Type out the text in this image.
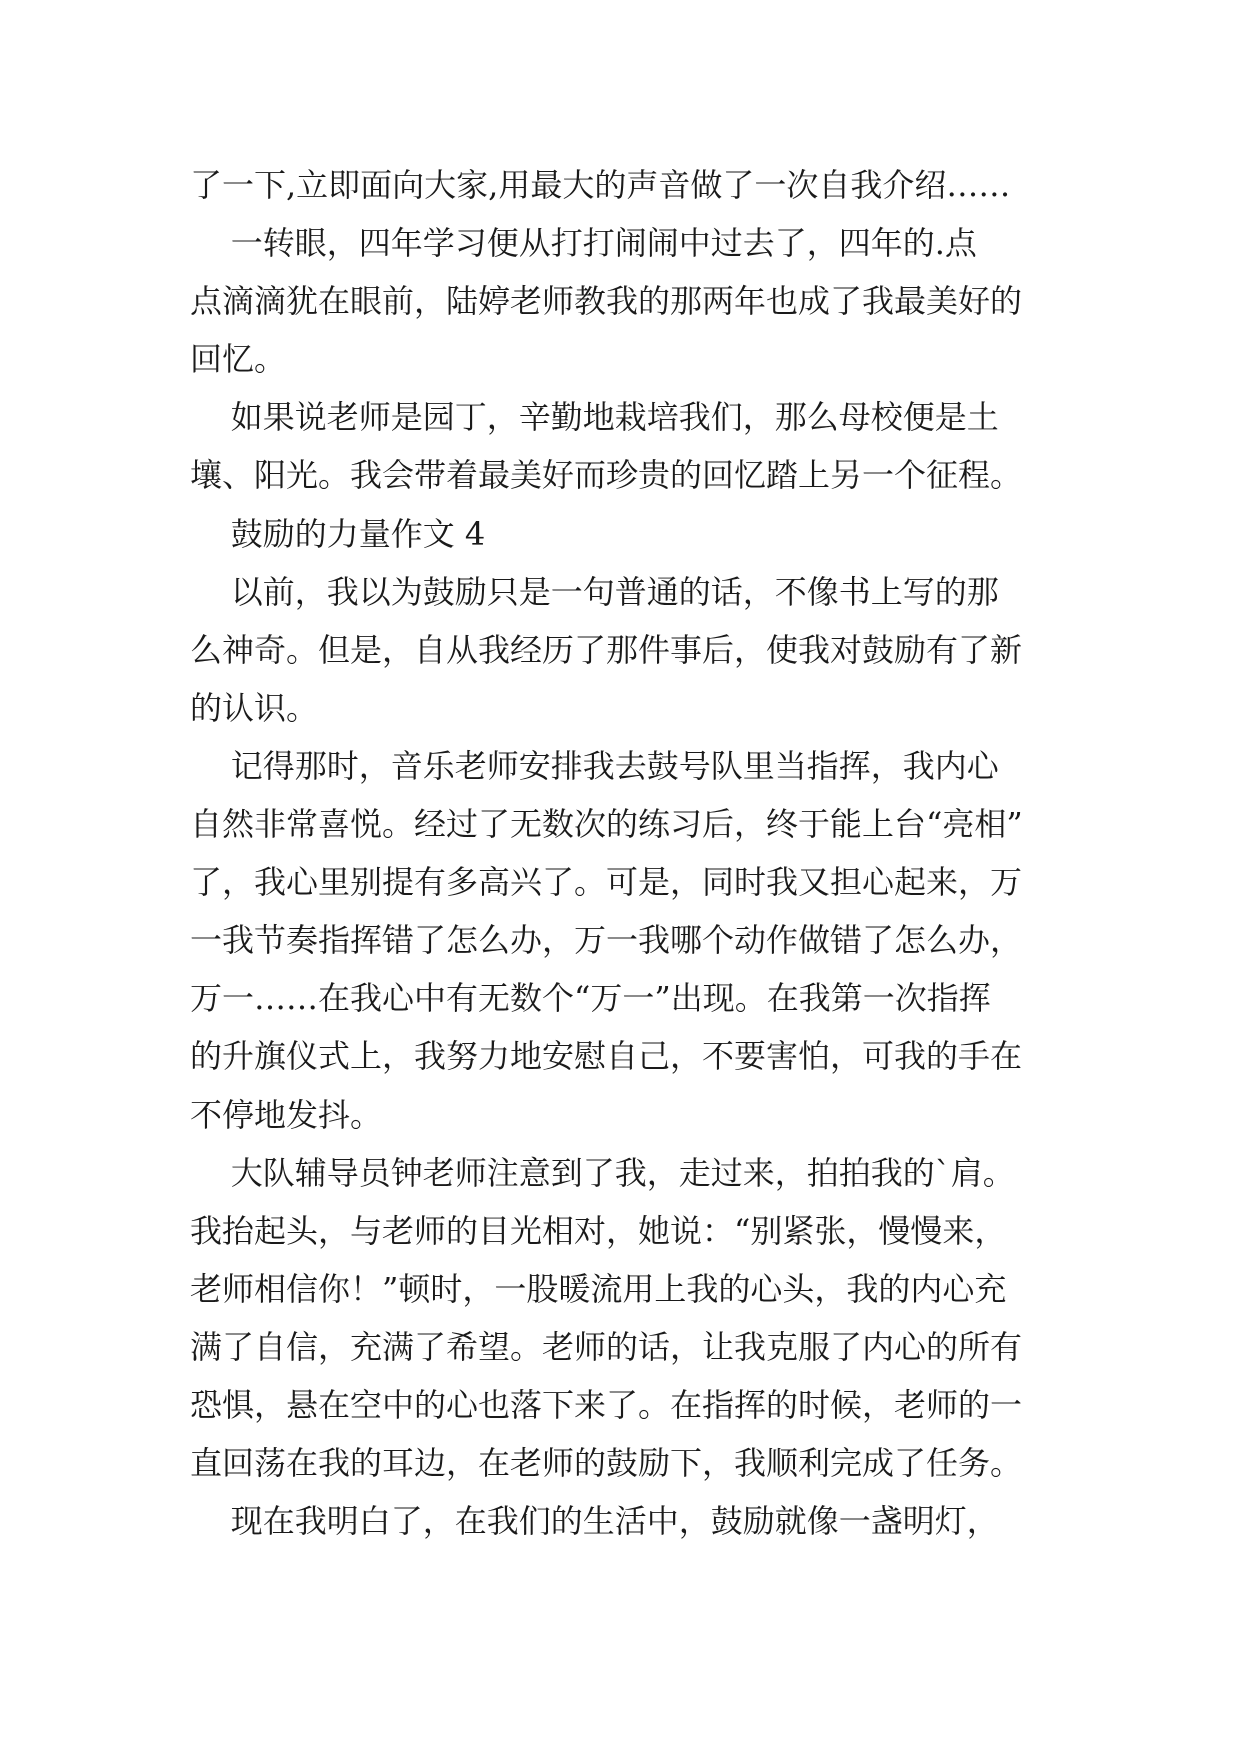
了一下,立即面向大家,用最大的声音做了一次自我介绍……
一转眼，四年学习便从打打闹闹中过去了，四年的.点
点滴滴犹在眼前，陆婷老师教我的那两年也成了我最美好的
回忆。
如果说老师是园丁，辛勤地栽培我们，那么母校便是土
壤、阳光。我会带着最美好而珍贵的回忆踏上另一个征程。
鼓励的力量作文 4
以前，我以为鼓励只是一句普通的话，不像书上写的那
么神奇。但是，自从我经历了那件事后，使我对鼓励有了新
的认识。
记得那时，音乐老师安排我去鼓号队里当指挥，我内心
自然非常喜悦。经过了无数次的练习后，终于能上台“亮相”
了，我心里别提有多高兴了。可是，同时我又担心起来，万
一我节奏指挥错了怎么办，万一我哪个动作做错了怎么办，
万一……在我心中有无数个“万一”出现。在我第一次指挥
的升旗仪式上，我努力地安慰自己，不要害怕，可我的手在
不停地发抖。
大队辅导员钟老师注意到了我，走过来，拍拍我的`肩。
我抬起头，与老师的目光相对，她说：“别紧张，慢慢来，
老师相信你！”顿时，一股暖流用上我的心头，我的内心充
满了自信，充满了希望。老师的话，让我克服了内心的所有
恐惧，悬在空中的心也落下来了。在指挥的时候，老师的一
直回荡在我的耳边，在老师的鼓励下，我顺利完成了任务。
现在我明白了，在我们的生活中，鼓励就像一盏明灯，
